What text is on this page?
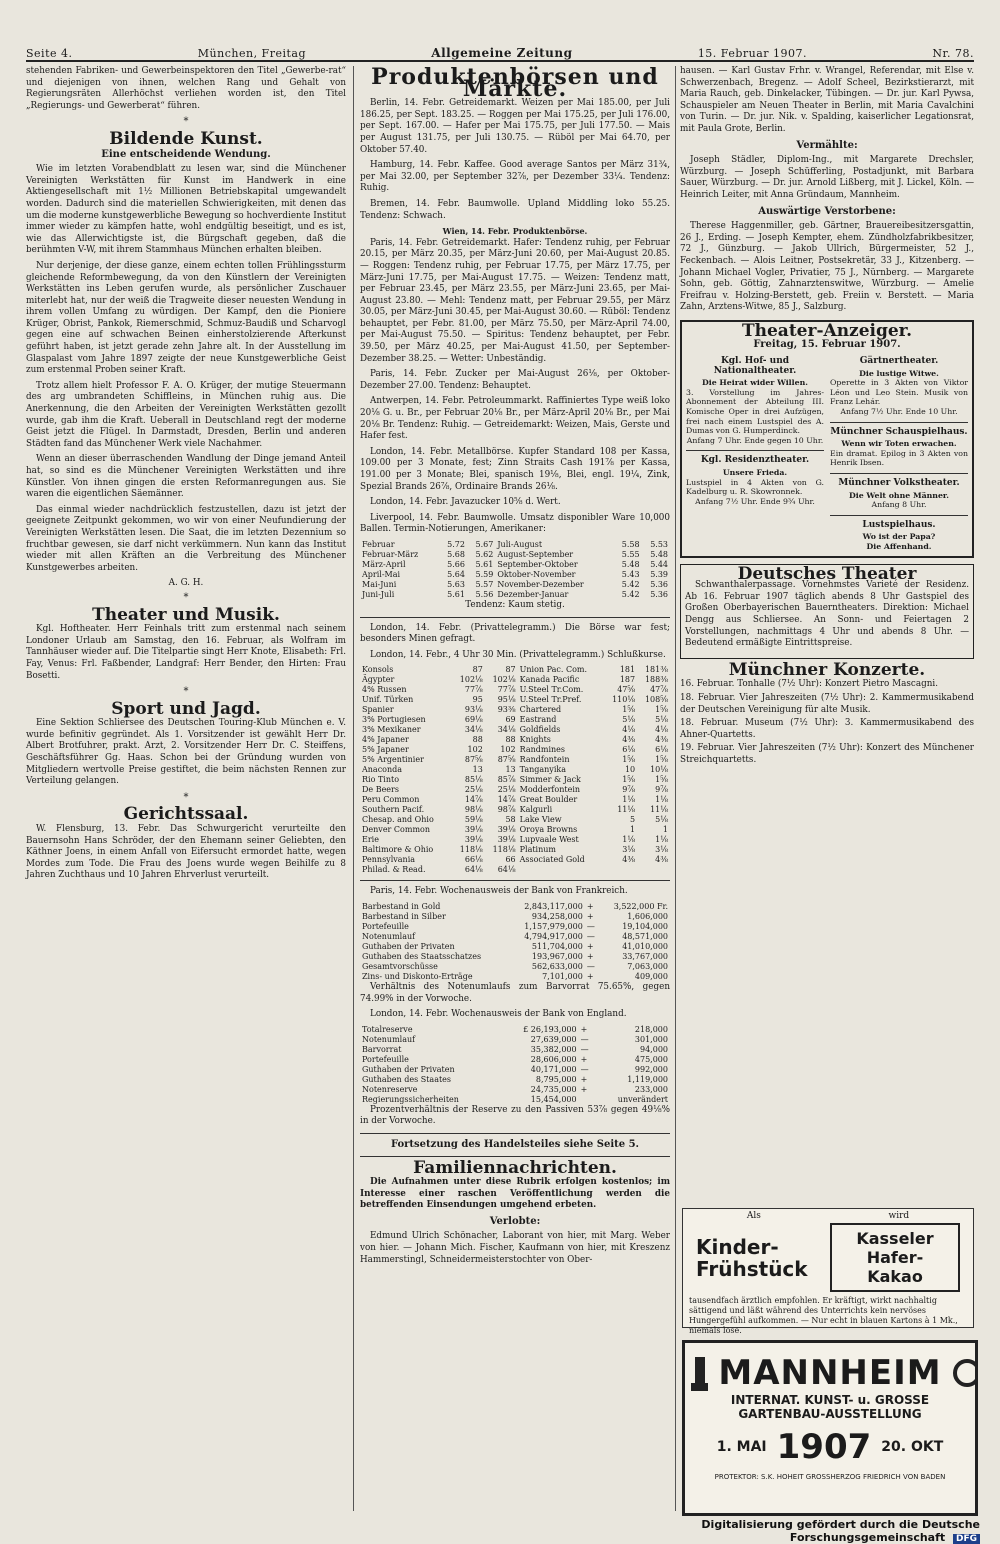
Seite 4.	München, Freitag	Allgemeine Zeitung	15. Februar 1907.	Nr. 78.

stehenden Fabriken- und Gewerbeinspektoren den Titel „Gewerbe-rat“ und diejenigen von ihnen, welchen Rang und Gehalt von Regierungsräten Allerhöchst verliehen worden ist, den Titel „Regierungs- und Gewerberat“ führen.

*
Bildende Kunst.
Eine entscheidende Wendung.

Wie im letzten Vorabendblatt zu lesen war, sind die Münchener Vereinigten Werkstätten für Kunst im Handwerk in eine Aktiengesellschaft mit 1½ Millionen Betriebskapital umgewandelt worden. Dadurch sind die materiellen Schwierigkeiten, mit denen das um die moderne kunstgewerbliche Bewegung so hochverdiente Institut immer wieder zu kämpfen hatte, wohl endgültig beseitigt, und es ist, wie das Allerwichtigste ist, die Bürgschaft gegeben, daß die berühmten V-W, mit ihrem Stammhaus München erhalten bleiben.

Nur derjenige, der diese ganze, einem echten tollen Frühlingssturm gleichende Reformbewegung, da von den Künstlern der Vereinigten Werkstätten ins Leben gerufen wurde, als persönlicher Zuschauer miterlebt hat, nur der weiß die Tragweite dieser neuesten Wendung in ihrem vollen Umfang zu würdigen. Der Kampf, den die Pioniere Krüger, Obrist, Pankok, Riemerschmid, Schmuz-Baudiß und Scharvogl gegen eine auf schwachen Beinen einherstolzierende Afterkunst geführt haben, ist jetzt gerade zehn Jahre alt. In der Ausstellung im Glaspalast vom Jahre 1897 zeigte der neue Kunstgewerbliche Geist zum erstenmal Proben seiner Kraft.

Trotz allem hielt Professor F. A. O. Krüger, der mutige Steuermann des arg umbrandeten Schiffleins, in München ruhig aus. Die Anerkennung, die den Arbeiten der Vereinigten Werkstätten gezollt wurde, gab ihm die Kraft. Ueberall in Deutschland regt der moderne Geist jetzt die Flügel. In Darmstadt, Dresden, Berlin und anderen Städten fand das Münchener Werk viele Nachahmer.

Wenn an dieser überraschenden Wandlung der Dinge jemand Anteil hat, so sind es die Münchener Vereinigten Werkstätten und ihre Künstler. Von ihnen gingen die ersten Reformanregungen aus. Sie waren die eigentlichen Säemänner.

Das einmal wieder nachdrücklich festzustellen, dazu ist jetzt der geeignete Zeitpunkt gekommen, wo wir von einer Neufundierung der Vereinigten Werkstätten lesen. Die Saat, die im letzten Dezennium so fruchtbar gewesen, sie darf nicht verkümmern. Nun kann das Institut wieder mit allen Kräften an die Verbreitung des Münchener Kunstgewerbes arbeiten.

A. G. H.
*
Theater und Musik.

Kgl. Hoftheater. Herr Feinhals tritt zum erstenmal nach seinem Londoner Urlaub am Samstag, den 16. Februar, als Wolfram im Tannhäuser wieder auf. Die Titelpartie singt Herr Knote, Elisabeth: Frl. Fay, Venus: Frl. Faßbender, Landgraf: Herr Bender, den Hirten: Frau Bosetti.

*
Sport und Jagd.

Eine Sektion Schliersee des Deutschen Touring-Klub München e. V. wurde befinitiv gegründet. Als 1. Vorsitzender ist gewählt Herr Dr. Albert Brotfuhrer, prakt. Arzt, 2. Vorsitzender Herr Dr. C. Steiffens, Geschäftsführer Gg. Haas. Schon bei der Gründung wurden von Mitgliedern wertvolle Preise gestiftet, die beim nächsten Rennen zur Verteilung gelangen.

*
Gerichtssaal.

W. Flensburg, 13. Febr. Das Schwurgericht verurteilte den Bauernsohn Hans Schröder, der den Ehemann seiner Geliebten, den Käthner Joens, in einem Anfall von Eifersucht ermordet hatte, wegen Mordes zum Tode. Die Frau des Joens wurde wegen Beihilfe zu 8 Jahren Zuchthaus und 10 Jahren Ehrverlust verurteilt.

Produktenbörsen und Märkte.

Berlin, 14. Febr. Getreidemarkt. Weizen per Mai 185.00, per Juli 186.25, per Sept. 183.25. — Roggen per Mai 175.25, per Juli 176.00, per Sept. 167.00. — Hafer per Mai 175.75, per Juli 177.50. — Mais per August 131.75, per Juli 130.75. — Rüböl per Mai 64.70, per Oktober 57.40.

Hamburg, 14. Febr. Kaffee. Good average Santos per März 31¾, per Mai 32.00, per September 32⅞, per Dezember 33¼. Tendenz: Ruhig.

Bremen, 14. Febr. Baumwolle. Upland Middling loko 55.25. Tendenz: Schwach.

Wien, 14. Febr. Produktenbörse.

Paris, 14. Febr. Getreidemarkt. Hafer: Tendenz ruhig, per Februar 20.15, per März 20.35, per März-Juni 20.60, per Mai-August 20.85. — Roggen: Tendenz ruhig, per Februar 17.75, per März 17.75, per März-Juni 17.75, per Mai-August 17.75. — Weizen: Tendenz matt, per Februar 23.45, per März 23.55, per März-Juni 23.65, per Mai-August 23.80. — Mehl: Tendenz matt, per Februar 29.55, per März 30.05, per März-Juni 30.45, per Mai-August 30.60. — Rüböl: Tendenz behauptet, per Febr. 81.00, per März 75.50, per März-April 74.00, per Mai-August 75.50. — Spiritus: Tendenz behauptet, per Febr. 39.50, per März 40.25, per Mai-August 41.50, per September-Dezember 38.25. — Wetter: Unbeständig.

Paris, 14. Febr. Zucker per Mai-August 26⅛, per Oktober-Dezember 27.00. Tendenz: Behauptet.

Antwerpen, 14. Febr. Petroleummarkt. Raffiniertes Type weiß loko 20⅛ G. u. Br., per Februar 20⅛ Br., per März-April 20⅛ Br., per Mai 20⅛ Br. Tendenz: Ruhig. — Getreidemarkt: Weizen, Mais, Gerste und Hafer fest.

London, 14. Febr. Metallbörse. Kupfer Standard 108 per Kassa, 109.00 per 3 Monate, fest; Zinn Straits Cash 191⅞ per Kassa, 191.00 per 3 Monate; Blei, spanisch 19⅛, Blei, engl. 19¼, Zink, Spezial Brands 26⅞, Ordinaire Brands 26⅛.

London, 14. Febr. Javazucker 10⅝ d. Wert.

Liverpool, 14. Febr. Baumwolle. Umsatz disponibler Ware 10,000 Ballen. Termin-Notierungen, Amerikaner:

Februar	5.72	5.67	Juli-August	5.58	5.53
Februar-März	5.68	5.62	August-September	5.55	5.48
März-April	5.66	5.61	September-Oktober	5.48	5.44
April-Mai	5.64	5.59	Oktober-November	5.43	5.39
Mai-Juni	5.63	5.57	November-Dezember	5.42	5.36
Juni-Juli	5.61	5.56	Dezember-Januar	5.42	5.36
Tendenz: Kaum stetig.

London, 14. Febr. (Privattelegramm.) Die Börse war fest; besonders Minen gefragt.

London, 14. Febr., 4 Uhr 30 Min. (Privattelegramm.) Schlußkurse.

Konsols	87	87	Union Pac. Com.	181	181⅜
Ägypter	102⅛	102⅛	Kanada Pacific	187	188⅜
4% Russen	77⅞	77⅞	U.Steel Tr.Com.	47⅝	47⅞
Unif. Türken	95	95⅛	U.Steel Tr.Pref.	110⅛	108⅝
Spanier	93⅛	93⅜	Chartered	1⅝	1⅝
3% Portugiesen	69⅛	69	Eastrand	5⅛	5⅛
3% Mexikaner	34⅛	34⅛	Goldfields	4⅛	4⅛
4% Japaner	88	88	Knights	4⅜	4⅜
5% Japaner	102	102	Randmines	6⅛	6⅛
5% Argentinier	87⅝	87⅝	Randfontein	1⅝	1⅝
Anaconda	13	13	Tanganyika	10	10⅛
Rio Tinto	85⅛	85⅞	Simmer & Jack	1⅝	1⅝
De Beers	25⅛	25⅛	Modderfontein	9⅞	9⅞
Peru Common	14⅞	14⅞	Great Boulder	1⅛	1⅛
Southern Pacif.	98⅛	98⅞	Kalgurli	11⅛	11⅛
Chesap. and Ohio	59⅛	58	Lake View	5	5⅛
Denver Common	39⅛	39⅛	Oroya Browns	1	1
Erie	39⅛	39⅛	Lupvaale West	1⅛	1⅛
Baltimore & Ohio	118⅛	118⅛	Platinum	3⅛	3⅛
Pennsylvania	66⅛	66	Associated Gold	4⅜	4⅜
Philad. & Read.	64⅛	64⅛			

Paris, 14. Febr. Wochenausweis der Bank von Frankreich.

Barbestand in Gold	2,843,117,000	+	3,522,000 Fr.
Barbestand in Silber	934,258,000	+	1,606,000
Portefeuille	1,157,979,000	—	19,104,000
Notenumlauf	4,794,917,000	—	48,571,000
Guthaben der Privaten	511,704,000	+	41,010,000
Guthaben des Staatsschatzes	193,967,000	+	33,767,000
Gesamtvorschüsse	562,633,000	—	7,063,000
Zins- und Diskonto-Erträge	7,101,000	+	409,000

Verhältnis des Notenumlaufs zum Barvorrat 75.65%, gegen 74.99% in der Vorwoche.

London, 14. Febr. Wochenausweis der Bank von England.

Totalreserve	£ 26,193,000	+	218,000
Notenumlauf	27,639,000	—	301,000
Barvorrat	35,382,000	—	94,000
Portefeuille	28,606,000	+	475,000
Guthaben der Privaten	40,171,000	—	992,000
Guthaben des Staates	8,795,000	+	1,119,000
Notenreserve	24,735,000	+	233,000
Regierungssicherheiten	15,454,000		unverändert

Prozentverhältnis der Reserve zu den Passiven 53⅞ gegen 49⅛% in der Vorwoche.

Fortsetzung des Handelsteiles siehe Seite 5.
Familiennachrichten.

Die Aufnahmen unter diese Rubrik erfolgen kostenlos; im Interesse einer raschen Veröffentlichung werden die betreffenden Einsendungen umgehend erbeten.

Verlobte:

Edmund Ulrich Schönacher, Laborant von hier, mit Marg. Weber von hier. — Johann Mich. Fischer, Kaufmann von hier, mit Kreszenz Hammerstingl, Schneidermeisterstochter von Ober-

hausen. — Karl Gustav Frhr. v. Wrangel, Referendar, mit Else v. Schwerzenbach, Bregenz. — Adolf Scheel, Bezirkstierarzt, mit Maria Rauch, geb. Dinkelacker, Tübingen. — Dr. jur. Karl Pywsa, Schauspieler am Neuen Theater in Berlin, mit Maria Cavalchini von Turin. — Dr. jur. Nik. v. Spalding, kaiserlicher Legationsrat, mit Paula Grote, Berlin.

Vermählte:

Joseph Städler, Diplom-Ing., mit Margarete Drechsler, Würzburg. — Joseph Schüfferling, Postadjunkt, mit Barbara Sauer, Würzburg. — Dr. jur. Arnold Lißberg, mit J. Lickel, Köln. — Heinrich Leiter, mit Anna Gründaum, Mannheim.

Auswärtige Verstorbene:

Therese Haggenmiller, geb. Gärtner, Brauereibesitzersgattin, 26 J., Erding. — Joseph Kempter, ehem. Zündholzfabrikbesitzer, 72 J., Günzburg. — Jakob Ullrich, Bürgermeister, 52 J., Feckenbach. — Alois Leitner, Postsekretär, 33 J., Kitzenberg. — Johann Michael Vogler, Privatier, 75 J., Nürnberg. — Margarete Sohn, geb. Göttig, Zahnarztenswitwe, Würzburg. — Amelie Freifrau v. Holzing-Berstett, geb. Freiin v. Berstett. — Maria Zahn, Arztens-Witwe, 85 J., Salzburg.

Theater-Anzeiger.
Freitag, 15. Februar 1907.
Kgl. Hof- und Nationaltheater.
Die Heirat wider Willen.
3. Vorstellung im Jahres-Abonnement der Abteilung III. Komische Oper in drei Aufzügen, frei nach einem Lustspiel des A. Dumas von G. Humperdinck.
Anfang 7 Uhr. Ende gegen 10 Uhr.
Kgl. Residenztheater.
Unsere Frieda.
Lustspiel in 4 Akten von G. Kadelburg u. R. Skowronnek.
Anfang 7½ Uhr. Ende 9¾ Uhr.
Gärtnertheater.
Die lustige Witwe.
Operette in 3 Akten von Viktor Léon und Leo Stein. Musik von Franz Lehár.
Anfang 7½ Uhr. Ende 10 Uhr.
Münchner Schauspielhaus.
Wenn wir Toten erwachen.
Ein dramat. Epilog in 3 Akten von Henrik Ibsen.
Münchner Volkstheater.
Die Welt ohne Männer.
Anfang 8 Uhr.
Lustspielhaus.
Wo ist der Papa?
Die Affenhand.
Deutsches Theater

Schwanthalerpassage. Vornehmstes Varieté der Residenz. Ab 16. Februar 1907 täglich abends 8 Uhr Gastspiel des Großen Oberbayerischen Bauerntheaters. Direktion: Michael Dengg aus Schliersee. An Sonn- und Feiertagen 2 Vorstellungen, nachmittags 4 Uhr und abends 8 Uhr. — Bedeutend ermäßigte Eintrittspreise.

Münchner Konzerte.
16. Februar. Tonhalle (7½ Uhr): Konzert Pietro Mascagni.
18. Februar. Vier Jahreszeiten (7½ Uhr): 2. Kammermusikabend der Deutschen Vereinigung für alte Musik.
18. Februar. Museum (7½ Uhr): 3. Kammermusikabend des Ahner-Quartetts.
19. Februar. Vier Jahreszeiten (7½ Uhr): Konzert des Münchener Streichquartetts.
Als	wird
Kinder-Frühstück
Kasseler Hafer-Kakao
tausendfach ärztlich empfohlen. Er kräftigt, wirkt nachhaltig sättigend und läßt während des Unterrichts kein nervöses Hungergefühl aufkommen. — Nur echt in blauen Kartons à 1 Mk., niemals lose.
MANNHEIM
INTERNAT. KUNST- u. GROSSE
GARTENBAU-AUSSTELLUNG
1. MAI 1907 20. OKT
PROTEKTOR: S.K. HOHEIT GROSSHERZOG FRIEDRICH VON BADEN
Digitalisierung gefördert durch die Deutsche Forschungsgemeinschaft DFG
